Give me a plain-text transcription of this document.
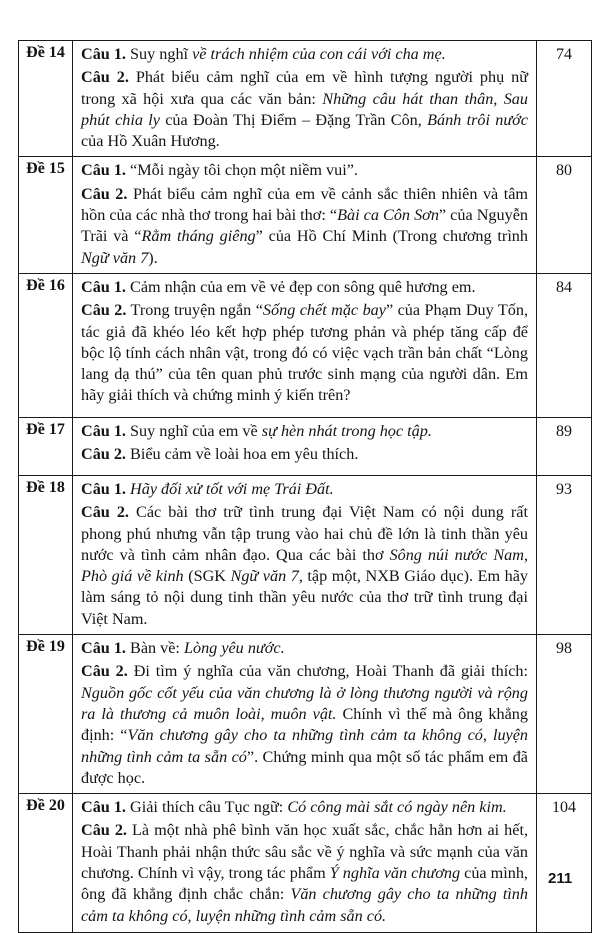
Đề 14	Câu 1. Suy nghĩ về trách nhiệm của con cái với cha mẹ.
Câu 2. Phát biểu cảm nghĩ của em về hình tượng người phụ nữ trong xã hội xưa qua các văn bản: Những câu hát than thân, Sau phút chia ly của Đoàn Thị Điểm – Đặng Trần Côn, Bánh trôi nước của Hồ Xuân Hương.	74
Đề 15	Câu 1. “Mỗi ngày tôi chọn một niềm vui”.
Câu 2. Phát biểu cảm nghĩ của em về cảnh sắc thiên nhiên và tâm hồn của các nhà thơ trong hai bài thơ: “Bài ca Côn Sơn” của Nguyễn Trãi và “Rằm tháng giêng” của Hồ Chí Minh (Trong chương trình Ngữ văn 7).	80
Đề 16	Câu 1. Cảm nhận của em về vẻ đẹp con sông quê hương em.
Câu 2. Trong truyện ngắn “Sống chết mặc bay” của Phạm Duy Tốn, tác giả đã khéo léo kết hợp phép tương phản và phép tăng cấp để bộc lộ tính cách nhân vật, trong đó có việc vạch trần bản chất “Lòng lang dạ thú” của tên quan phủ trước sinh mạng của người dân. Em hãy giải thích và chứng minh ý kiến trên?	84
Đề 17	Câu 1. Suy nghĩ của em về sự hèn nhát trong học tập.
Câu 2. Biểu cảm về loài hoa em yêu thích.	89
Đề 18	Câu 1. Hãy đối xử tốt với mẹ Trái Đất.
Câu 2. Các bài thơ trữ tình trung đại Việt Nam có nội dung rất phong phú nhưng vẫn tập trung vào hai chủ đề lớn là tinh thần yêu nước và tình cảm nhân đạo. Qua các bài thơ Sông núi nước Nam, Phò giá về kinh (SGK Ngữ văn 7, tập một, NXB Giáo dục). Em hãy làm sáng tỏ nội dung tinh thần yêu nước của thơ trữ tình trung đại Việt Nam.	93
Đề 19	Câu 1. Bàn về: Lòng yêu nước.
Câu 2. Đi tìm ý nghĩa của văn chương, Hoài Thanh đã giải thích: Nguồn gốc cốt yếu của văn chương là ở lòng thương người và rộng ra là thương cả muôn loài, muôn vật. Chính vì thế mà ông khẳng định: “Văn chương gây cho ta những tình cảm ta không có, luyện những tình cảm ta sẵn có”. Chứng minh qua một số tác phẩm em đã được học.	98
Đề 20	Câu 1. Giải thích câu Tục ngữ: Có công mài sắt có ngày nên kim.
Câu 2. Là một nhà phê bình văn học xuất sắc, chắc hẳn hơn ai hết, Hoài Thanh phải nhận thức sâu sắc về ý nghĩa và sức mạnh của văn chương. Chính vì vậy, trong tác phẩm Ý nghĩa văn chương của mình, ông đã khẳng định chắc chắn: Văn chương gây cho ta những tình cảm ta không có, luyện những tình cảm sẵn có.	104
211
